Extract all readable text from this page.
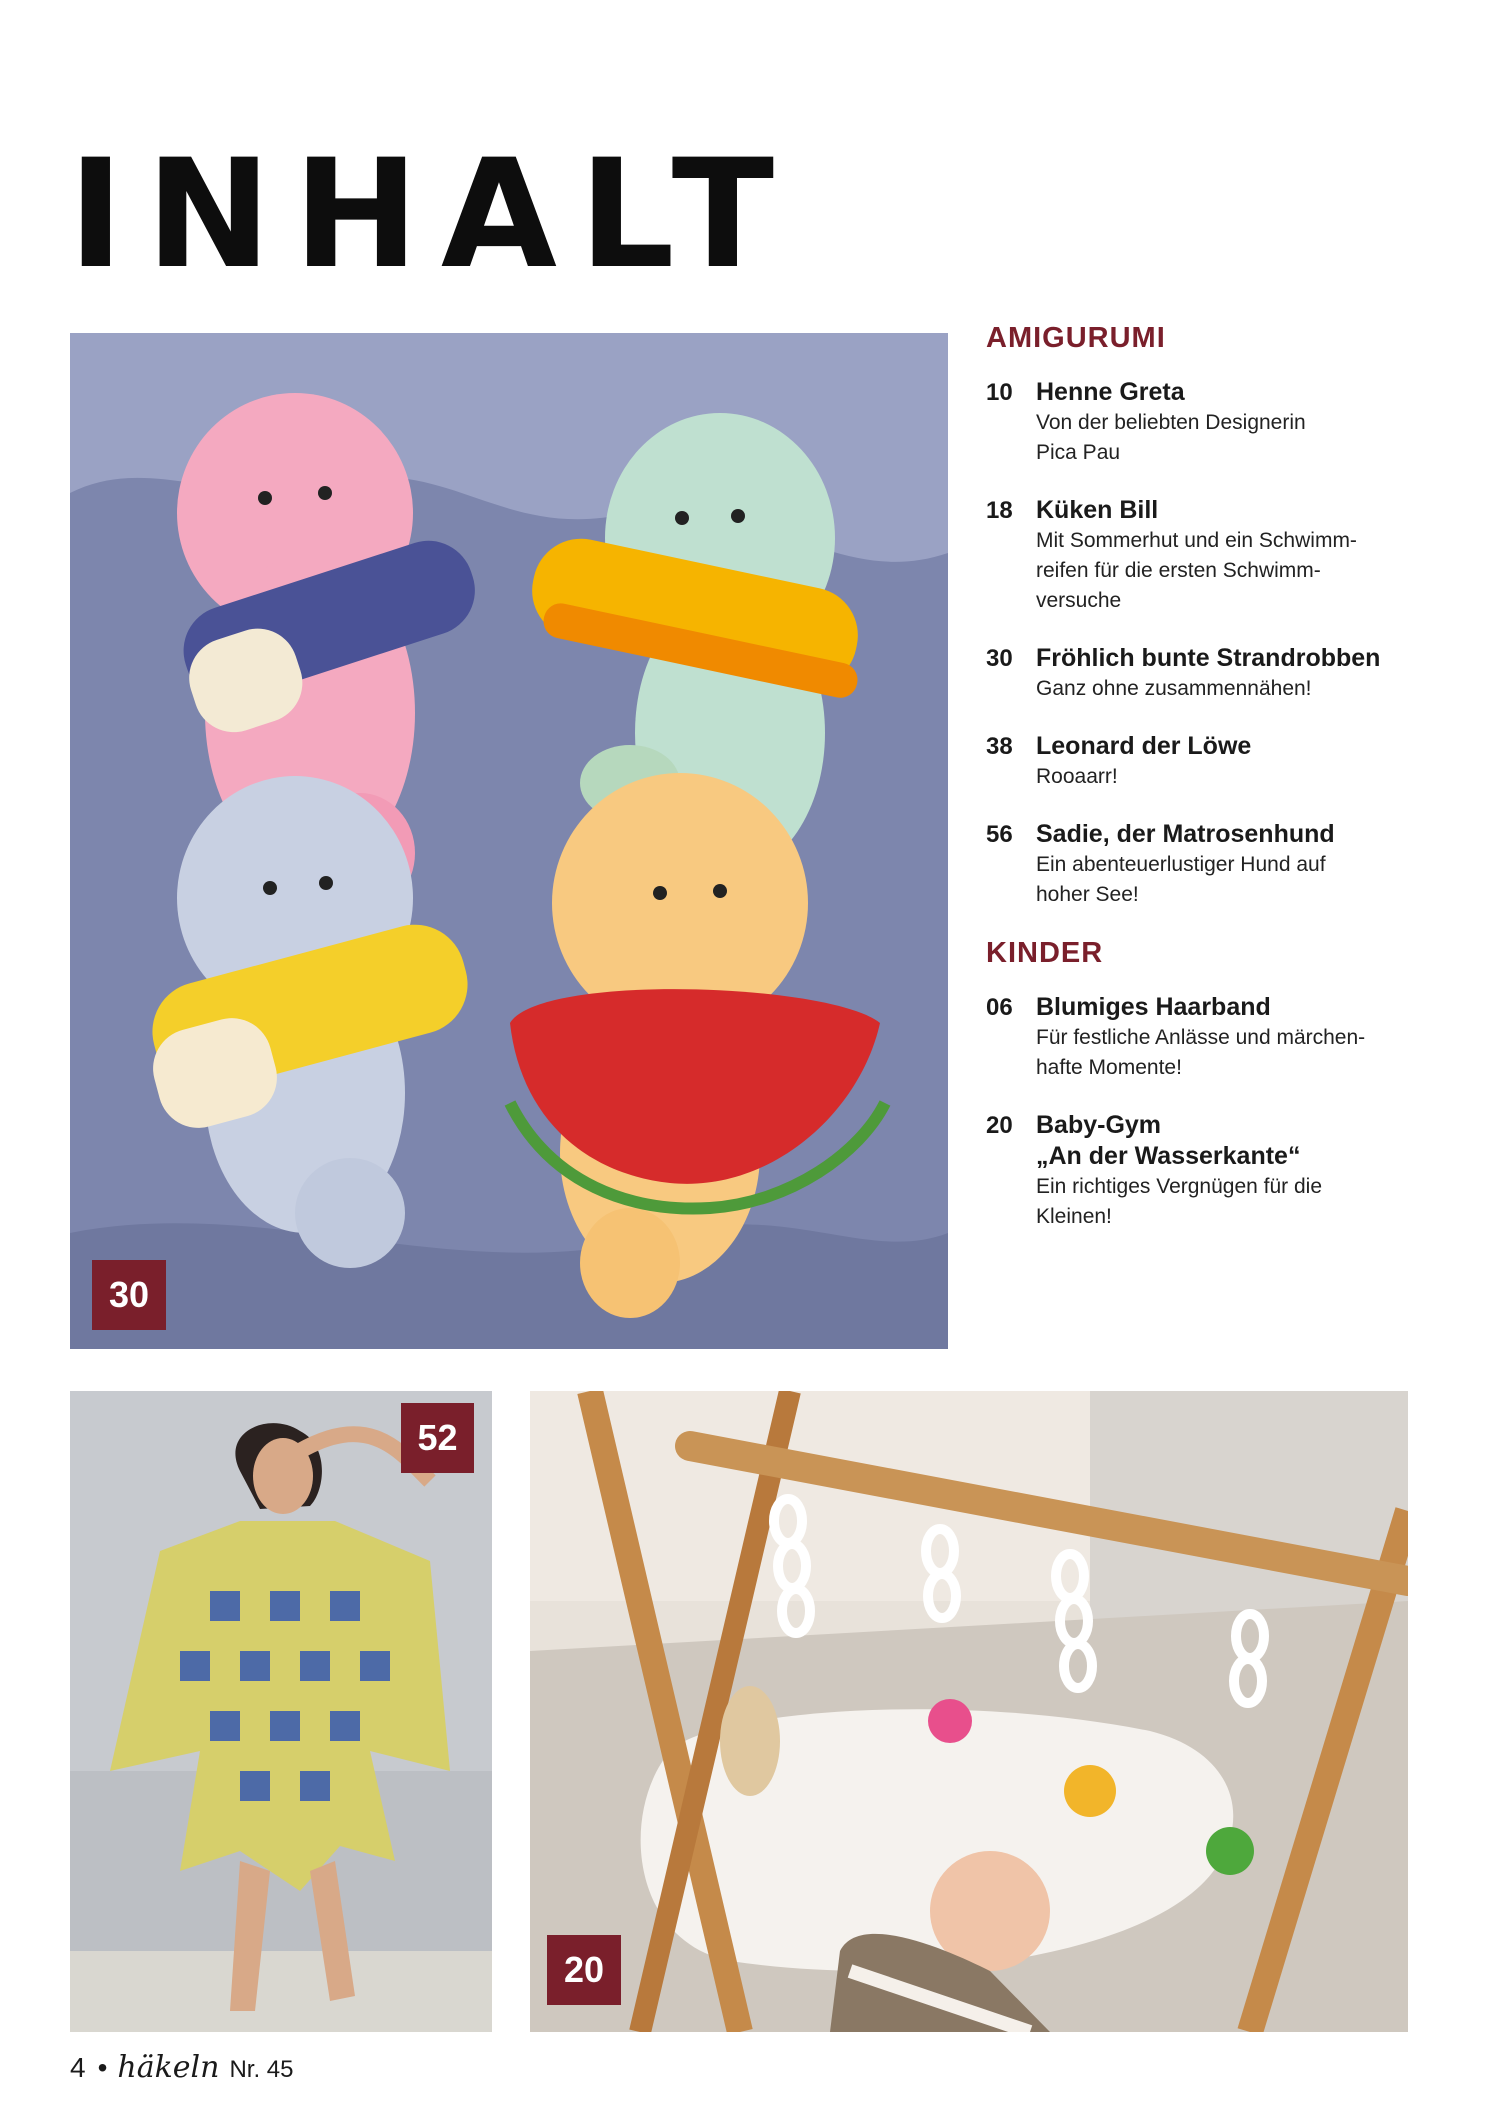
INHALT
30
AMIGURUMI
10 Henne Greta
Von der beliebten Designerin
Pica Pau
18 Küken Bill
Mit Sommerhut und ein Schwimm-
reifen für die ersten Schwimm-
versuche
30 Fröhlich bunte Strandrobben
Ganz ohne zusammennähen!
38 Leonard der Löwe
Rooaarr!
56 Sadie, der Matrosenhund
Ein abenteuerlustiger Hund auf
hoher See!
KINDER
06 Blumiges Haarband
Für festliche Anlässe und märchen-
hafte Momente!
20 Baby-Gym
„An der Wasserkante“
Ein richtiges Vergnügen für die
Kleinen!
52
20
4 • häkeln Nr. 45
